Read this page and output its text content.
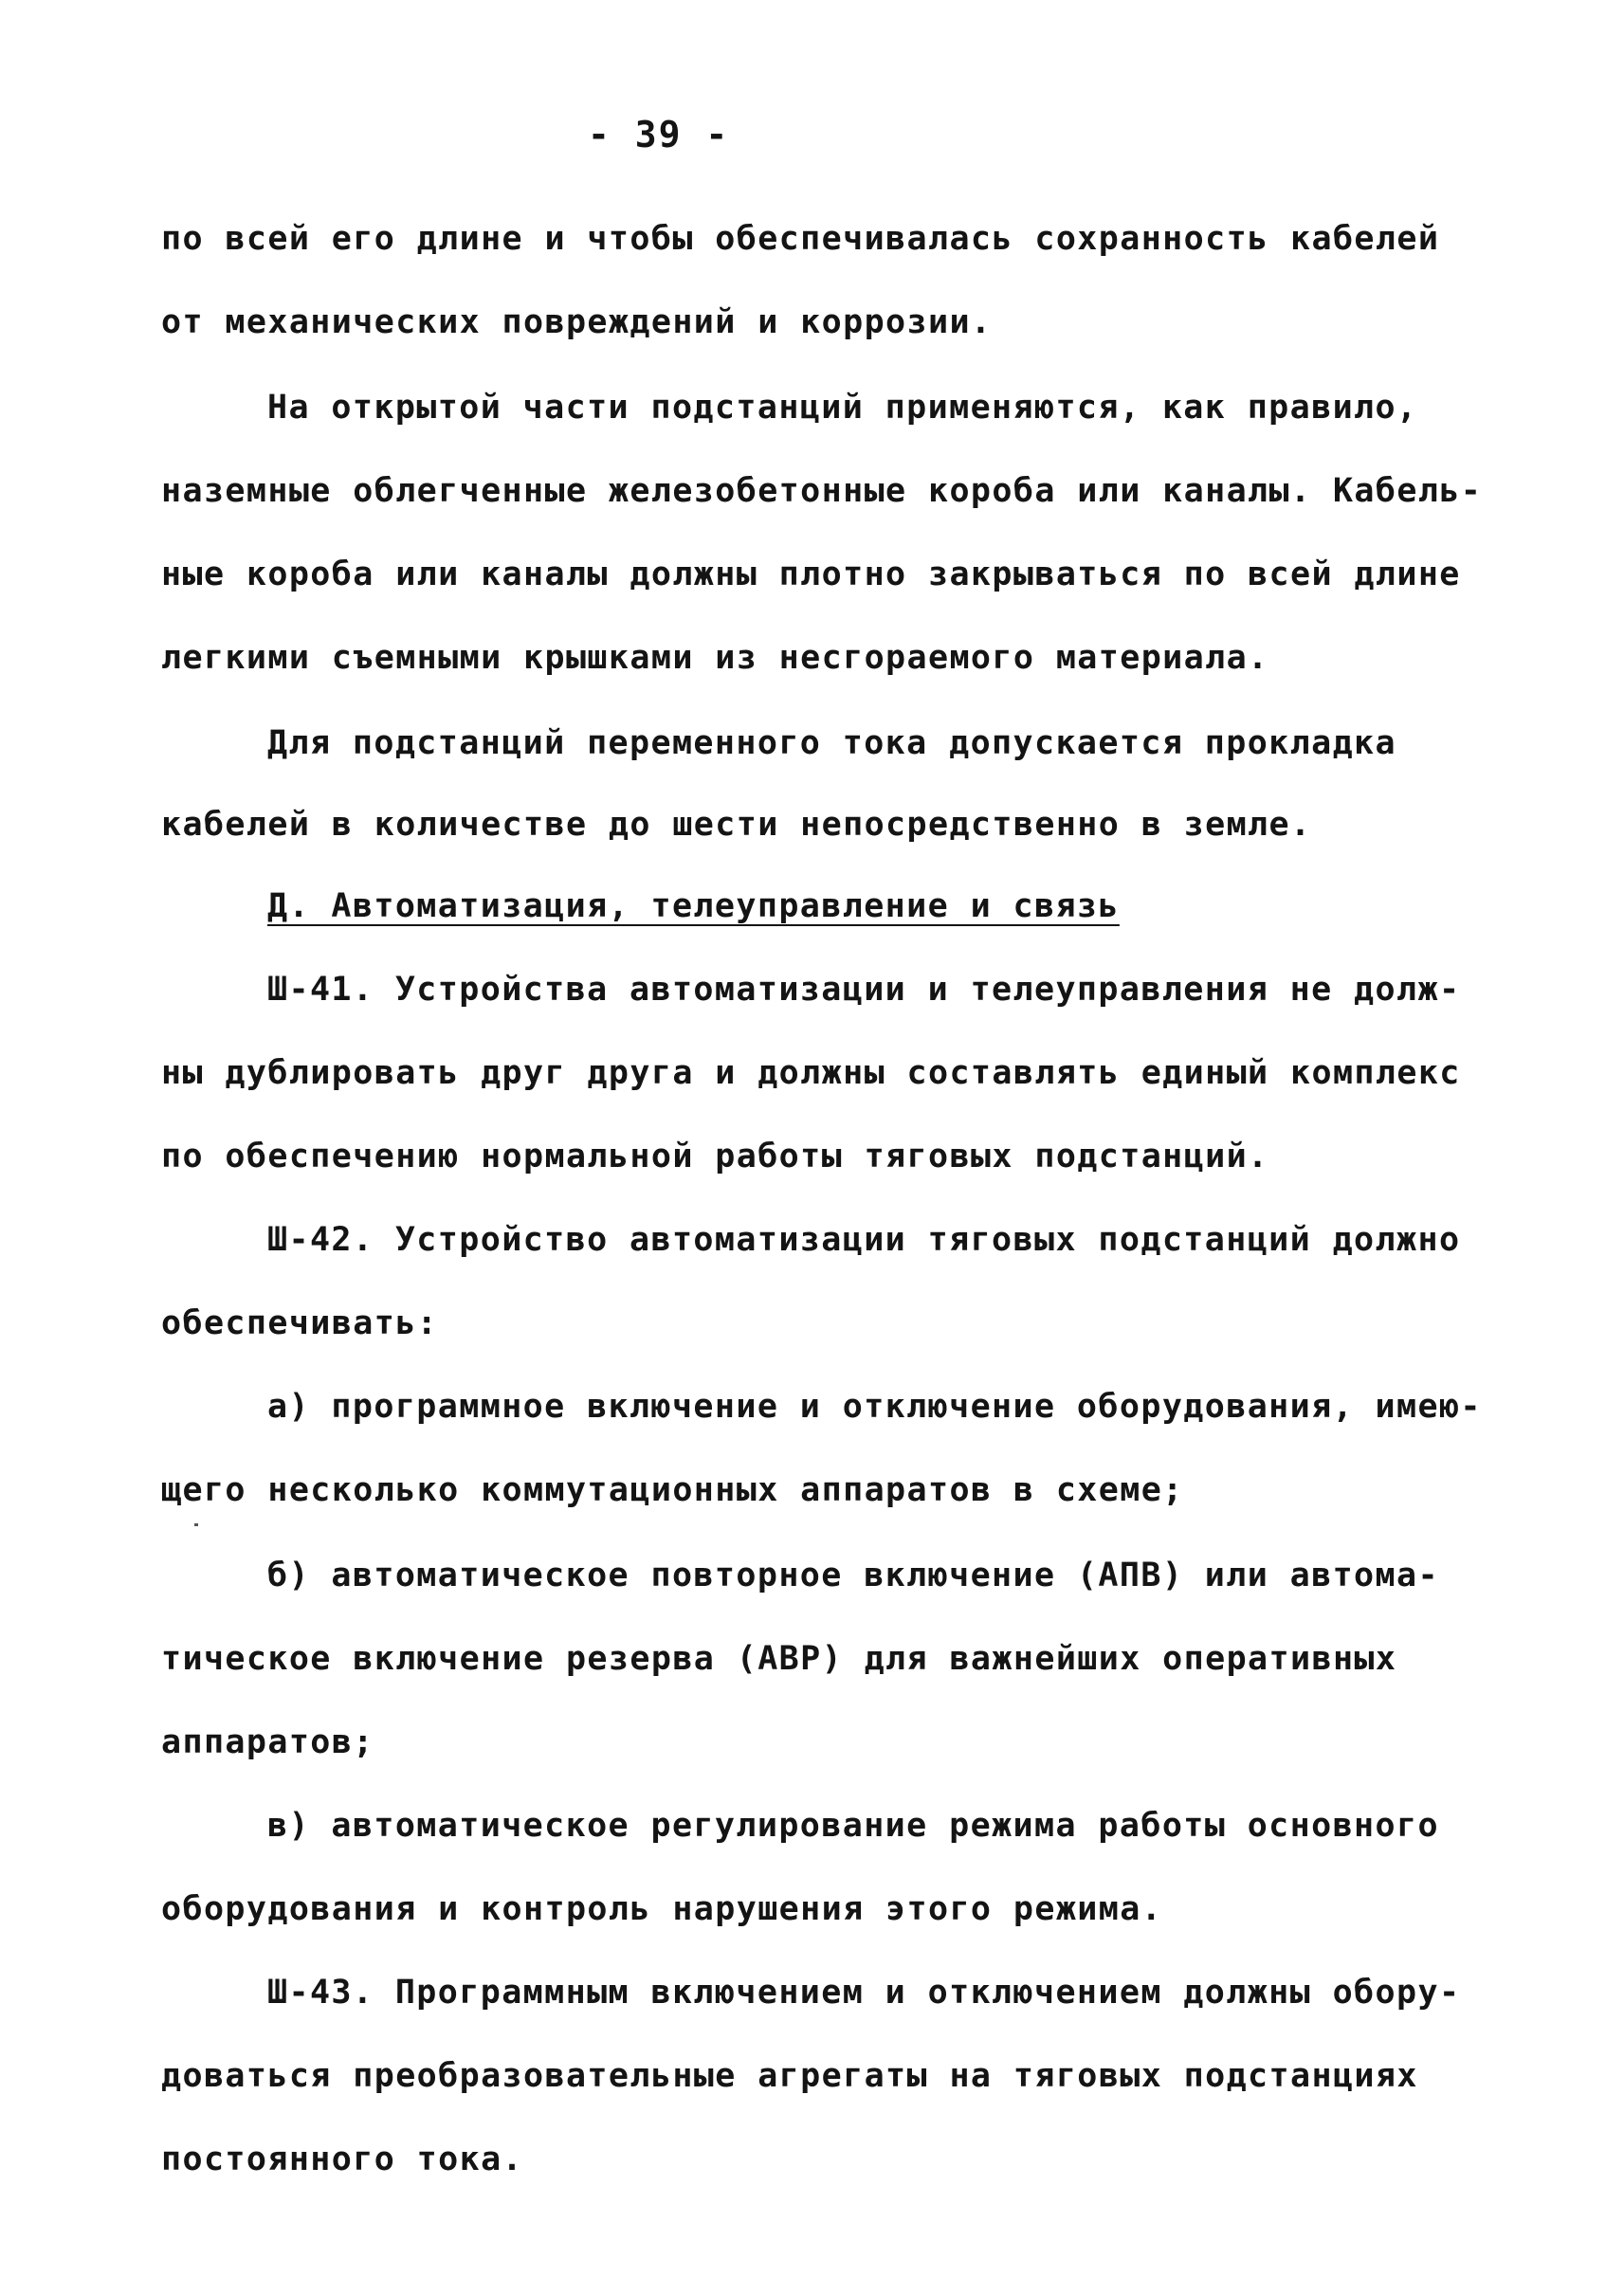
- 39 -
по всей его длине и чтобы обеспечивалась сохранность кабелей
от механических повреждений и коррозии.
На открытой части подстанций применяются, как правило,
наземные облегченные железобетонные короба или каналы. Кабель-
ные короба или каналы должны плотно закрываться по всей длине
легкими съемными крышками из несгораемого материала.
Для подстанций переменного тока допускается прокладка
кабелей в количестве до шести непосредственно в земле.
Д. Автоматизация, телеуправление и связь
Ш-41. Устройства автоматизации и телеуправления не долж-
ны дублировать друг друга и должны составлять единый комплекс
по обеспечению нормальной работы тяговых подстанций.
Ш-42. Устройство автоматизации тяговых подстанций должно
обеспечивать:
а) программное включение и отключение оборудования, имею-
щего несколько коммутационных аппаратов в схеме;
б) автоматическое повторное включение (АПВ) или автома-
тическое включение резерва (АВР) для важнейших оперативных
аппаратов;
в) автоматическое регулирование режима работы основного
оборудования и контроль нарушения этого режима.
Ш-43. Программным включением и отключением должны обору-
доваться преобразовательные агрегаты на тяговых подстанциях
постоянного тока.
